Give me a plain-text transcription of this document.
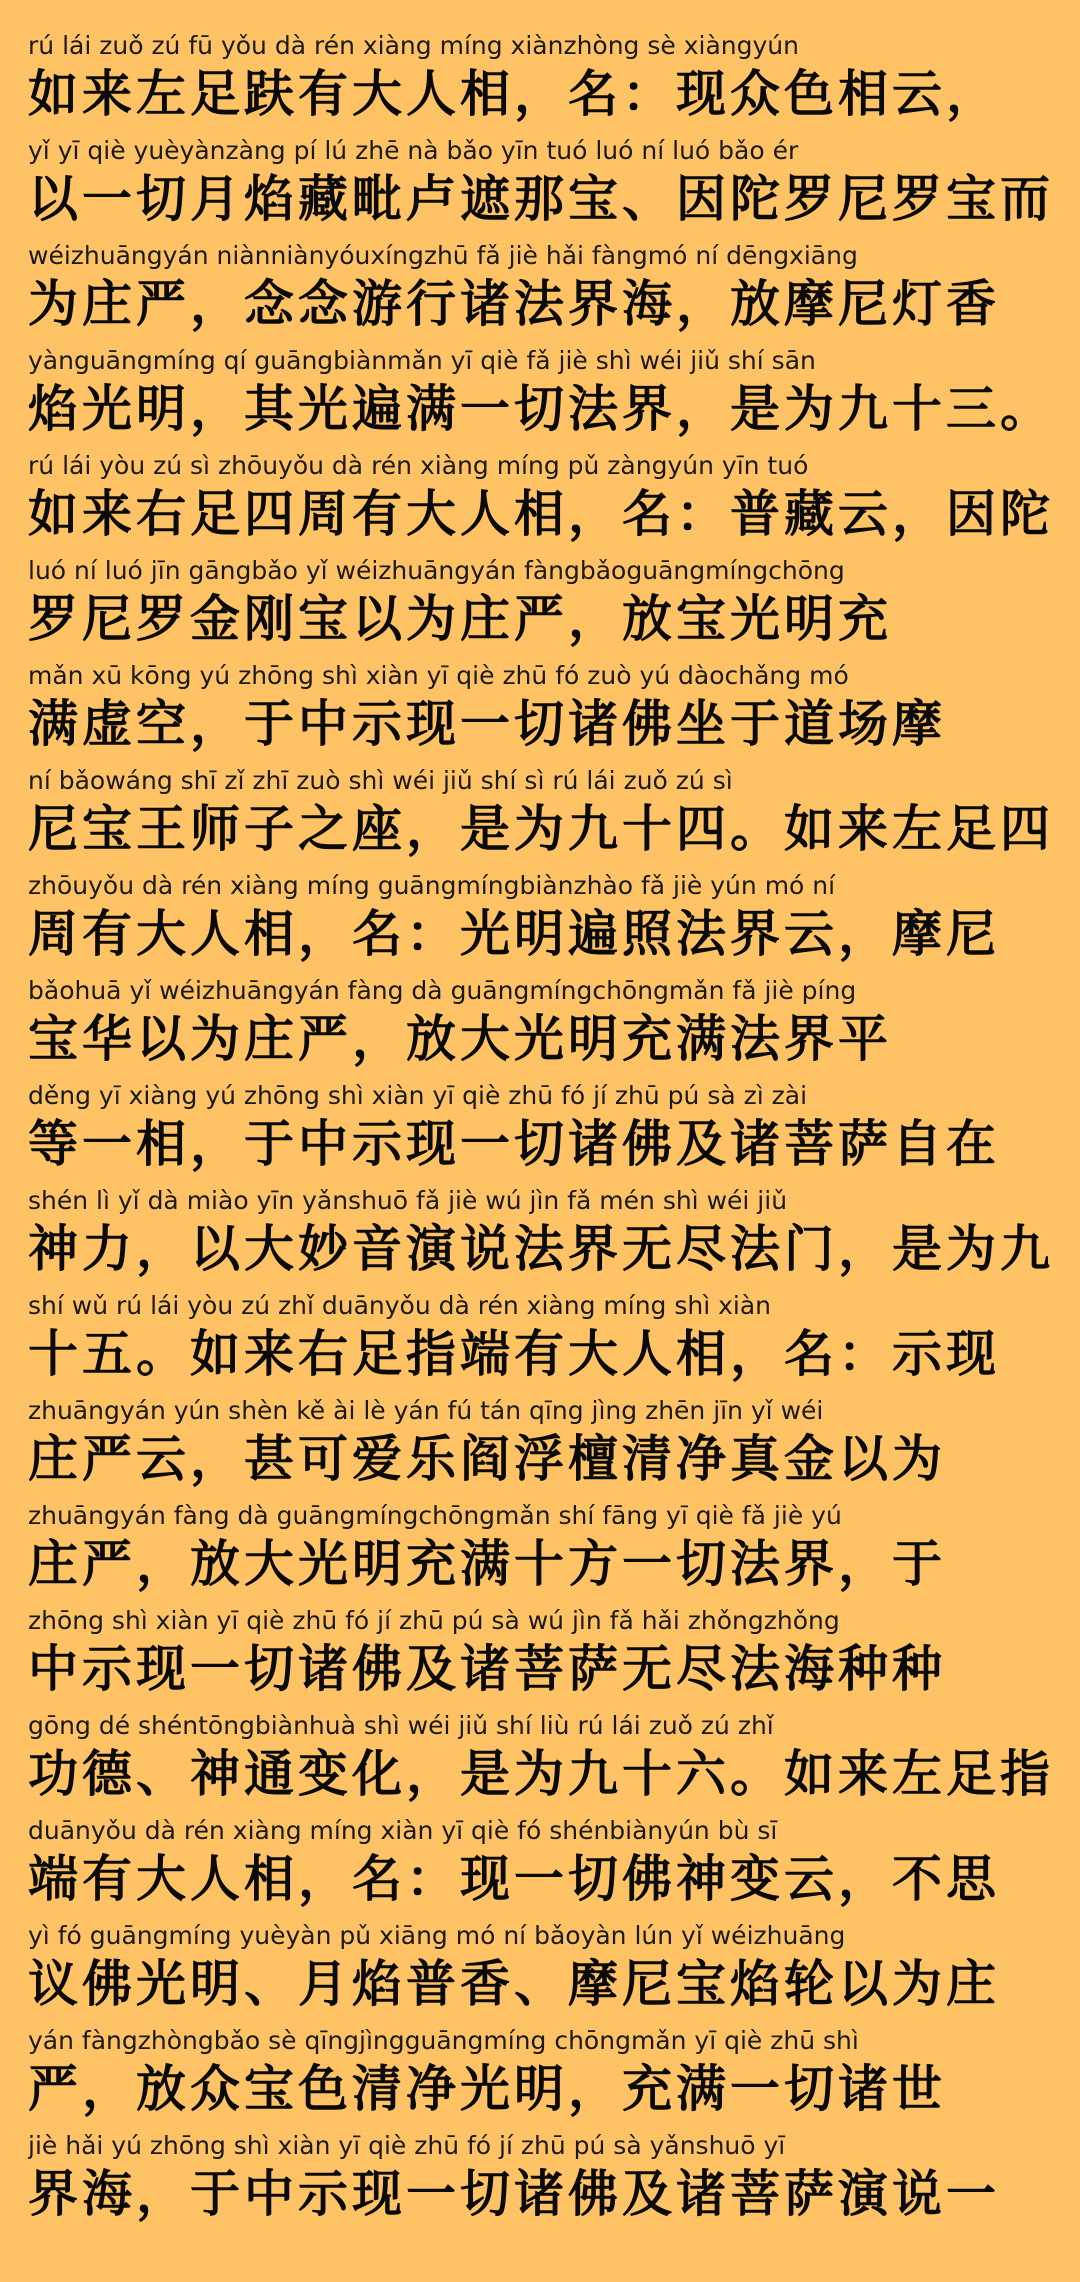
rú lái zuǒ zú fū yǒu dà rén xiàng míng xiànzhòng sè xiàngyún
如来左足趺有大人相，名：现众色相云，
yǐ yī qiè yuèyànzàng pí lú zhē nà bǎo yīn tuó luó ní luó bǎo ér
以一切月焰藏毗卢遮那宝、因陀罗尼罗宝而
wéizhuāngyán niànniànyóuxíngzhū fǎ jiè hǎi fàngmó ní dēngxiāng
为庄严，念念游行诸法界海，放摩尼灯香
yànguāngmíng qí guāngbiànmǎn yī qiè fǎ jiè shì wéi jiǔ shí sān
焰光明，其光遍满一切法界，是为九十三。
rú lái yòu zú sì zhōuyǒu dà rén xiàng míng pǔ zàngyún yīn tuó
如来右足四周有大人相，名：普藏云，因陀
luó ní luó jīn gāngbǎo yǐ wéizhuāngyán fàngbǎoguāngmíngchōng
罗尼罗金刚宝以为庄严，放宝光明充
mǎn xū kōng yú zhōng shì xiàn yī qiè zhū fó zuò yú dàochǎng mó
满虚空，于中示现一切诸佛坐于道场摩
ní bǎowáng shī zǐ zhī zuò shì wéi jiǔ shí sì rú lái zuǒ zú sì
尼宝王师子之座，是为九十四。如来左足四
zhōuyǒu dà rén xiàng míng guāngmíngbiànzhào fǎ jiè yún mó ní
周有大人相，名：光明遍照法界云，摩尼
bǎohuā yǐ wéizhuāngyán fàng dà guāngmíngchōngmǎn fǎ jiè píng
宝华以为庄严，放大光明充满法界平
děng yī xiàng yú zhōng shì xiàn yī qiè zhū fó jí zhū pú sà zì zài
等一相，于中示现一切诸佛及诸菩萨自在
shén lì yǐ dà miào yīn yǎnshuō fǎ jiè wú jìn fǎ mén shì wéi jiǔ
神力，以大妙音演说法界无尽法门，是为九
shí wǔ rú lái yòu zú zhǐ duānyǒu dà rén xiàng míng shì xiàn
十五。如来右足指端有大人相，名：示现
zhuāngyán yún shèn kě ài lè yán fú tán qīng jìng zhēn jīn yǐ wéi
庄严云，甚可爱乐阎浮檀清净真金以为
zhuāngyán fàng dà guāngmíngchōngmǎn shí fāng yī qiè fǎ jiè yú
庄严，放大光明充满十方一切法界，于
zhōng shì xiàn yī qiè zhū fó jí zhū pú sà wú jìn fǎ hǎi zhǒngzhǒng
中示现一切诸佛及诸菩萨无尽法海种种
gōng dé shéntōngbiànhuà shì wéi jiǔ shí liù rú lái zuǒ zú zhǐ
功德、神通变化，是为九十六。如来左足指
duānyǒu dà rén xiàng míng xiàn yī qiè fó shénbiànyún bù sī
端有大人相，名：现一切佛神变云，不思
yì fó guāngmíng yuèyàn pǔ xiāng mó ní bǎoyàn lún yǐ wéizhuāng
议佛光明、月焰普香、摩尼宝焰轮以为庄
yán fàngzhòngbǎo sè qīngjìngguāngmíng chōngmǎn yī qiè zhū shì
严，放众宝色清净光明，充满一切诸世
jiè hǎi yú zhōng shì xiàn yī qiè zhū fó jí zhū pú sà yǎnshuō yī
界海，于中示现一切诸佛及诸菩萨演说一
